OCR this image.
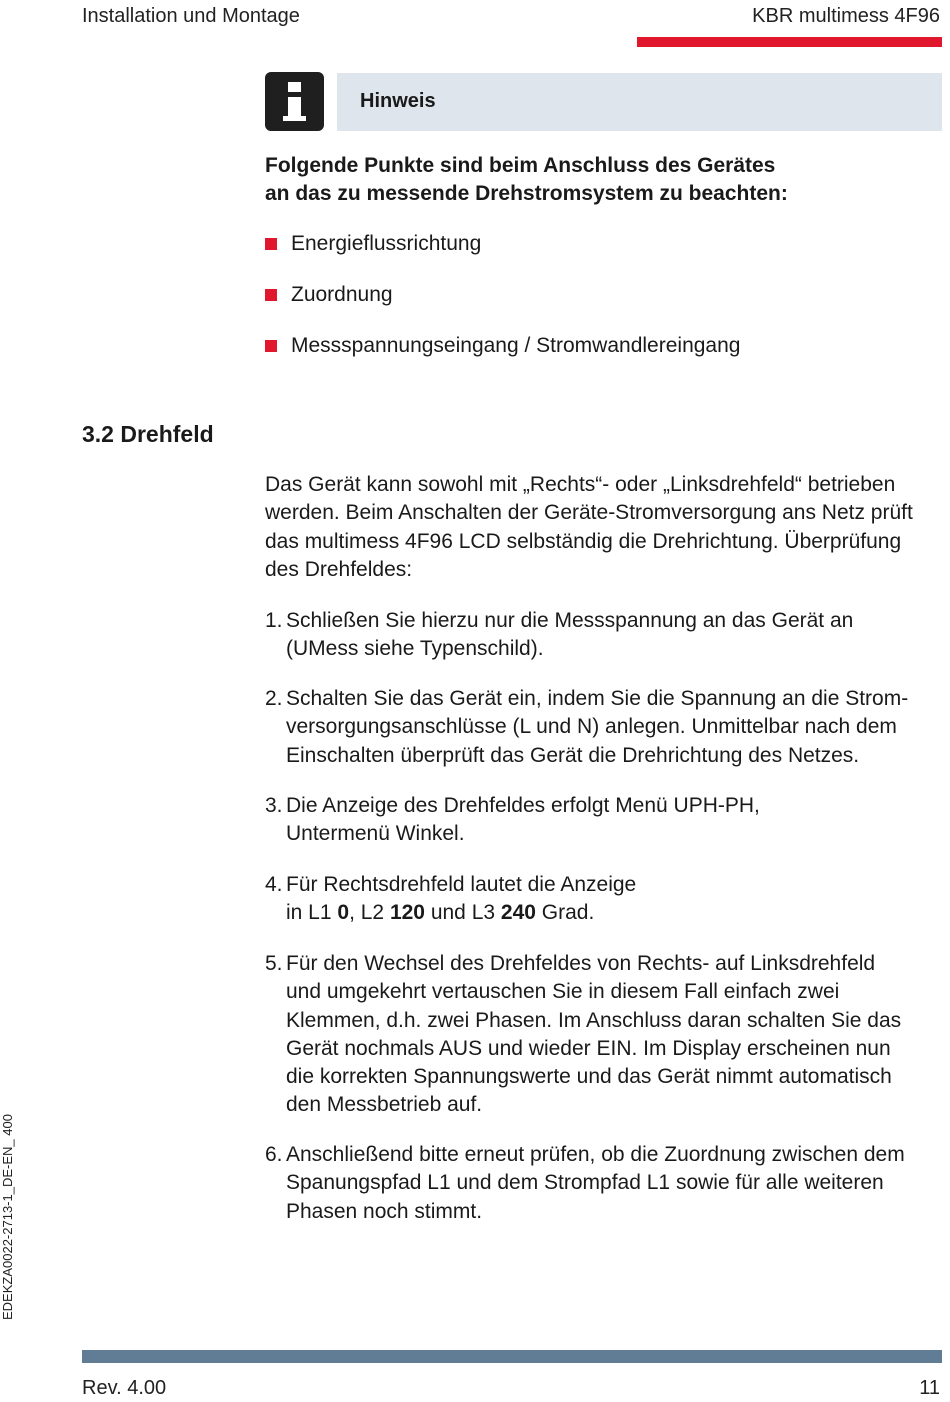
Installation und Montage	KBR multimess 4F96
Hinweis
Folgende Punkte sind beim Anschluss des Gerätes
an das zu messende Drehstromsystem zu beachten:
Energieflussrichtung
Zuordnung
Messspannungseingang / Stromwandlereingang
3.2 Drehfeld
Das Gerät kann sowohl mit „Rechts“- oder „Linksdrehfeld“ betrieben
werden. Beim Anschalten der Geräte-Stromversorgung ans Netz prüft
das multimess 4F96 LCD selbständig die Drehrichtung. Überprüfung
des Drehfeldes:
1. Schließen Sie hierzu nur die Messspannung an das Gerät an
(UMess siehe Typenschild).
2. Schalten Sie das Gerät ein, indem Sie die Spannung an die Strom-
versorgungsanschlüsse (L und N) anlegen. Unmittelbar nach dem
Einschalten überprüft das Gerät die Drehrichtung des Netzes.
3. Die Anzeige des Drehfeldes erfolgt Menü UPH-PH,
Untermenü Winkel.
4. Für Rechtsdrehfeld lautet die Anzeige
in L1 0, L2 120 und L3 240 Grad.
5. Für den Wechsel des Drehfeldes von Rechts- auf Linksdrehfeld
und umgekehrt vertauschen Sie in diesem Fall einfach zwei
Klemmen, d.h. zwei Phasen. Im Anschluss daran schalten Sie das
Gerät nochmals AUS und wieder EIN. Im Display erscheinen nun
die korrekten Spannungswerte und das Gerät nimmt automatisch
den Messbetrieb auf.
6. Anschließend bitte erneut prüfen, ob die Zuordnung zwischen dem
Spanungspfad L1 und dem Strompfad L1 sowie für alle weiteren
Phasen noch stimmt.
EDEKZA0022-2713-1_DE-EN_ 400
Rev. 4.00	11
